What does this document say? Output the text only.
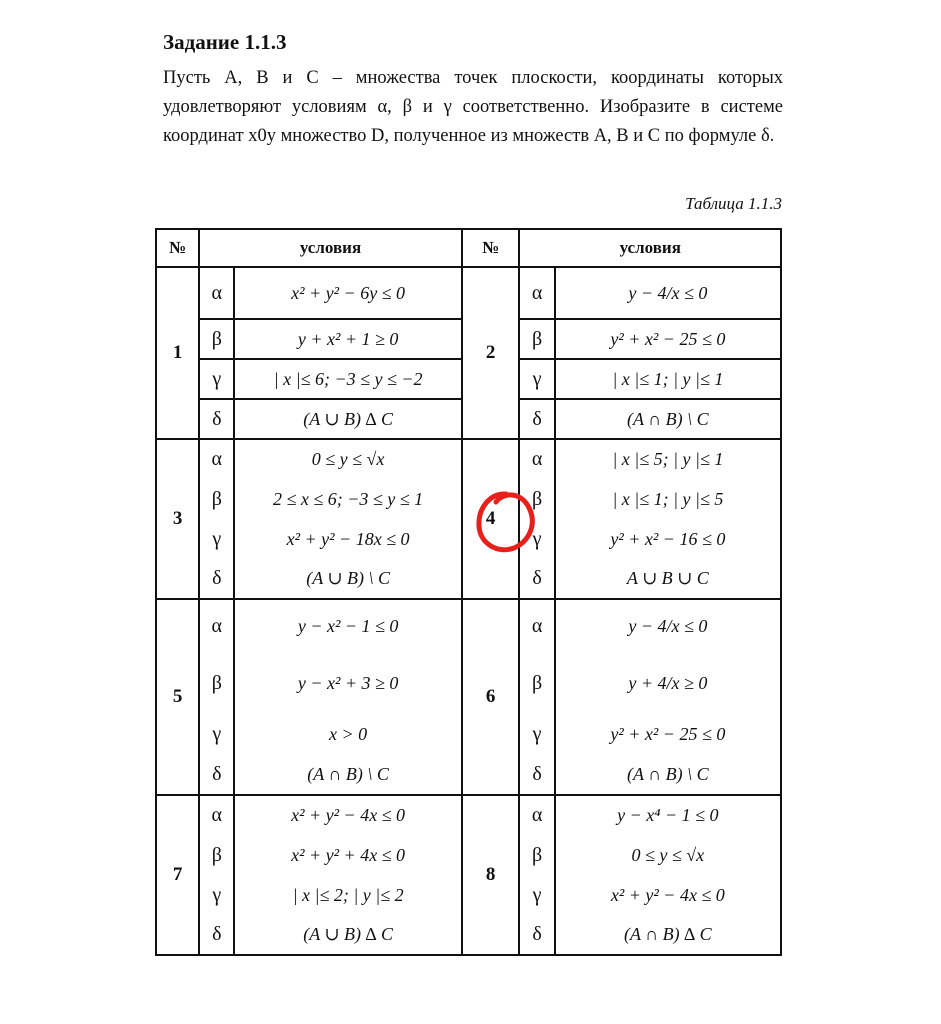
Задание 1.1.3

Пусть A, B и C – множества точек плоскости, координаты которых удовлетворяют условиям α, β и γ соответственно. Изобразите в системе координат x0y множество D, полученное из множеств A, B и C по формуле δ.

Таблица 1.1.3
№	условия		№	условия	
1	α	x² + y² − 6y ≤ 0	2	α	y − 4/x ≤ 0
	β	y + x² + 1 ≥ 0		β	y² + x² − 25 ≤ 0
	γ	| x |≤ 6; −3 ≤ y ≤ −2		γ	| x |≤ 1; | y |≤ 1
	δ	(A ∪ B) ∆ C		δ	(A ∩ B) \ C
3	α	0 ≤ y ≤ √x	4	α	| x |≤ 5; | y |≤ 1
	β	2 ≤ x ≤ 6; −3 ≤ y ≤ 1		β	| x |≤ 1; | y |≤ 5
	γ	x² + y² − 18x ≤ 0		γ	y² + x² − 16 ≤ 0
	δ	(A ∪ B) \ C		δ	A ∪ B ∪ C
5	α	y − x² − 1 ≤ 0	6	α	y − 4/x ≤ 0
	β	y − x² + 3 ≥ 0		β	y + 4/x ≥ 0
	γ	x > 0		γ	y² + x² − 25 ≤ 0
	δ	(A ∩ B) \ C		δ	(A ∩ B) \ C
7	α	x² + y² − 4x ≤ 0	8	α	y − x⁴ − 1 ≤ 0
	β	x² + y² + 4x ≤ 0		β	0 ≤ y ≤ √x
	γ	| x |≤ 2; | y |≤ 2		γ	x² + y² − 4x ≤ 0
	δ	(A ∪ B) ∆ C		δ	(A ∩ B) ∆ C
